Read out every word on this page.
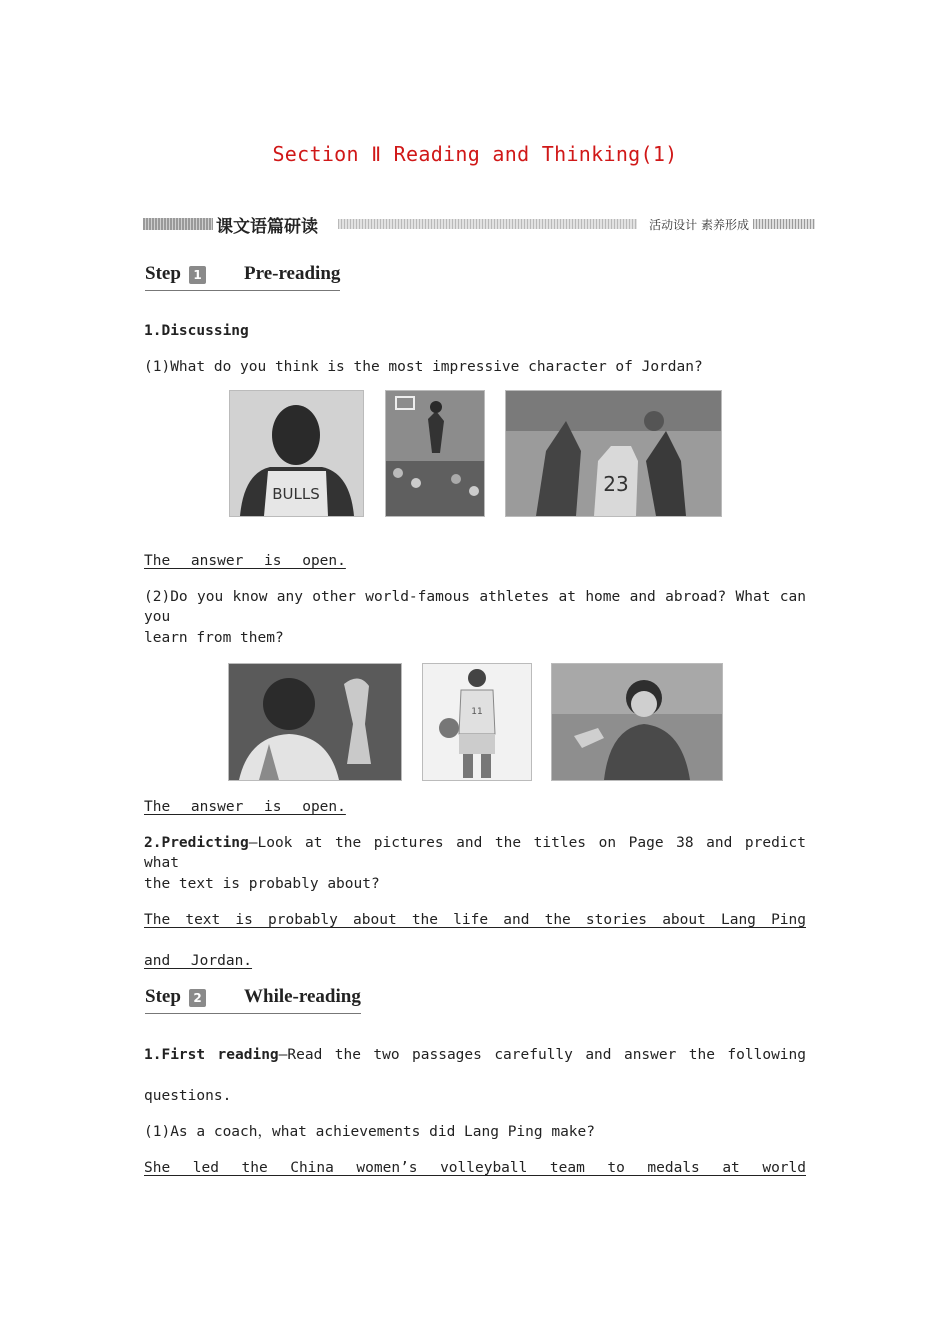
Section Ⅱ Reading and Thinking(1)
课文语篇研读	活动设计 素养形成
Step	1 Pre-reading
1.Discussing
(1)What do you think is the most impressive character of Jordan?
BULLS	23
The answer is open.
(2)Do you know any other world-famous athletes at home and abroad? What can you
learn from them?
11
The answer is open.
2.Predicting—Look at the pictures and the titles on Page 38 and predict what
the text is probably about?
The text is probably about the life and the stories about Lang Ping
and Jordan.
Step	2 While-reading
1.First reading—Read the two passages carefully and answer the following
questions.
(1)As a coach，what achievements did Lang Ping make?
She led the China women’s volleyball team to medals at world
